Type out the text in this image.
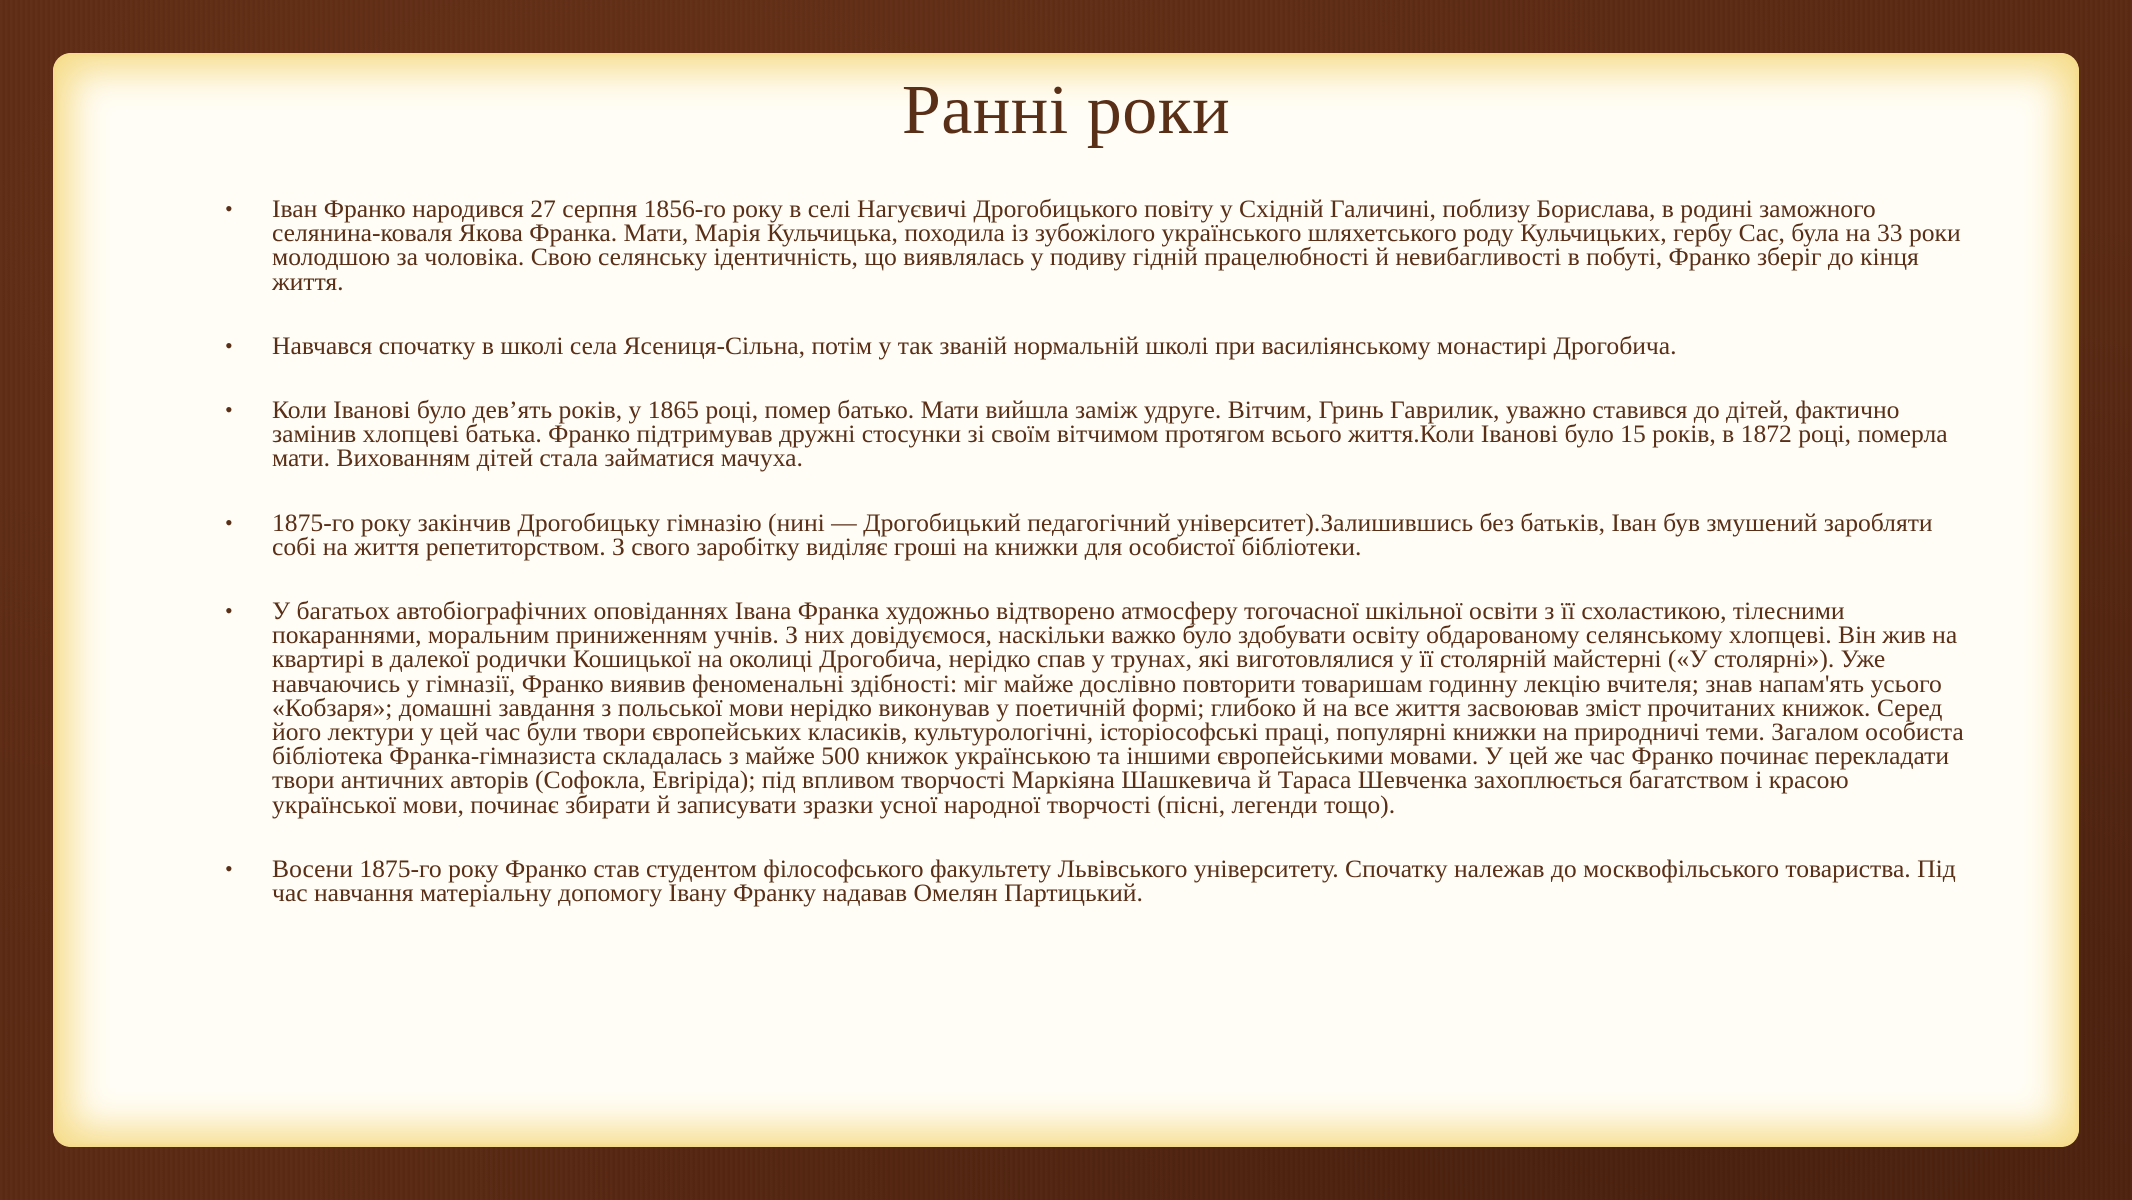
Ранні роки
• Іван Франко народився 27 серпня 1856-го року в селі Нагуєвичі Дрогобицького повіту у Східній Галичині, поблизу Борислава, в родині заможного селянина-коваля Якова Франка. Мати, Марія Кульчицька, походила із зубожілого українського шляхетського роду Кульчицьких, гербу Сас, була на 33 роки молодшою за чоловіка. Свою селянську ідентичність, що виявлялась у подиву гідній працелюбності й невибагливості в побуті, Франко зберіг до кінця життя.
• Навчався спочатку в школі села Ясениця-Сільна, потім у так званій нормальній школі при василіянському монастирі Дрогобича.
• Коли Іванові було дев’ять років, у 1865 році, помер батько. Мати вийшла заміж удруге. Вітчим, Гринь Гаврилик, уважно ставився до дітей, фактично замінив хлопцеві батька. Франко підтримував дружні стосунки зі своїм вітчимом протягом всього життя.Коли Іванові було 15 років, в 1872 році, померла мати. Вихованням дітей стала займатися мачуха.
• 1875-го року закінчив Дрогобицьку гімназію (нині — Дрогобицький педагогічний університет).Залишившись без батьків, Іван був змушений заробляти собі на життя репетиторством. З свого заробітку виділяє гроші на книжки для особистої бібліотеки.
• У багатьох автобіографічних оповіданнях Івана Франка художньо відтворено атмосферу тогочасної шкільної освіти з її схоластикою, тілесними покараннями, моральним приниженням учнів. З них довідуємося, наскільки важко було здобувати освіту обдарованому селянському хлопцеві. Він жив на квартирі в далекої родички Кошицької на околиці Дрогобича, нерідко спав у трунах, які виготовлялися у її столярній майстерні («У столярні»). Уже навчаючись у гімназії, Франко виявив феноменальні здібності: міг майже дослівно повторити товаришам годинну лекцію вчителя; знав напам'ять усього «Кобзаря»; домашні завдання з польської мови нерідко виконував у поетичній формі; глибоко й на все життя засвоював зміст прочитаних книжок. Серед його лектури у цей час були твори європейських класиків, культурологічні, історіософські праці, популярні книжки на природничі теми. Загалом особиста бібліотека Франка-гімназиста складалась з майже 500 книжок українською та іншими європейськими мовами. У цей же час Франко починає перекладати твори античних авторів (Софокла, Евripіда); під впливом творчості Маркіяна Шашкевича й Тараса Шевченка захоплюється багатством і красою української мови, починає збирати й записувати зразки усної народної творчості (пісні, легенди тощо).
• Восени 1875-го року Франко став студентом філософського факультету Львівського університету. Спочатку належав до москвофільського товариства. Під час навчання матеріальну допомогу Івану Франку надавав Омелян Партицький.
